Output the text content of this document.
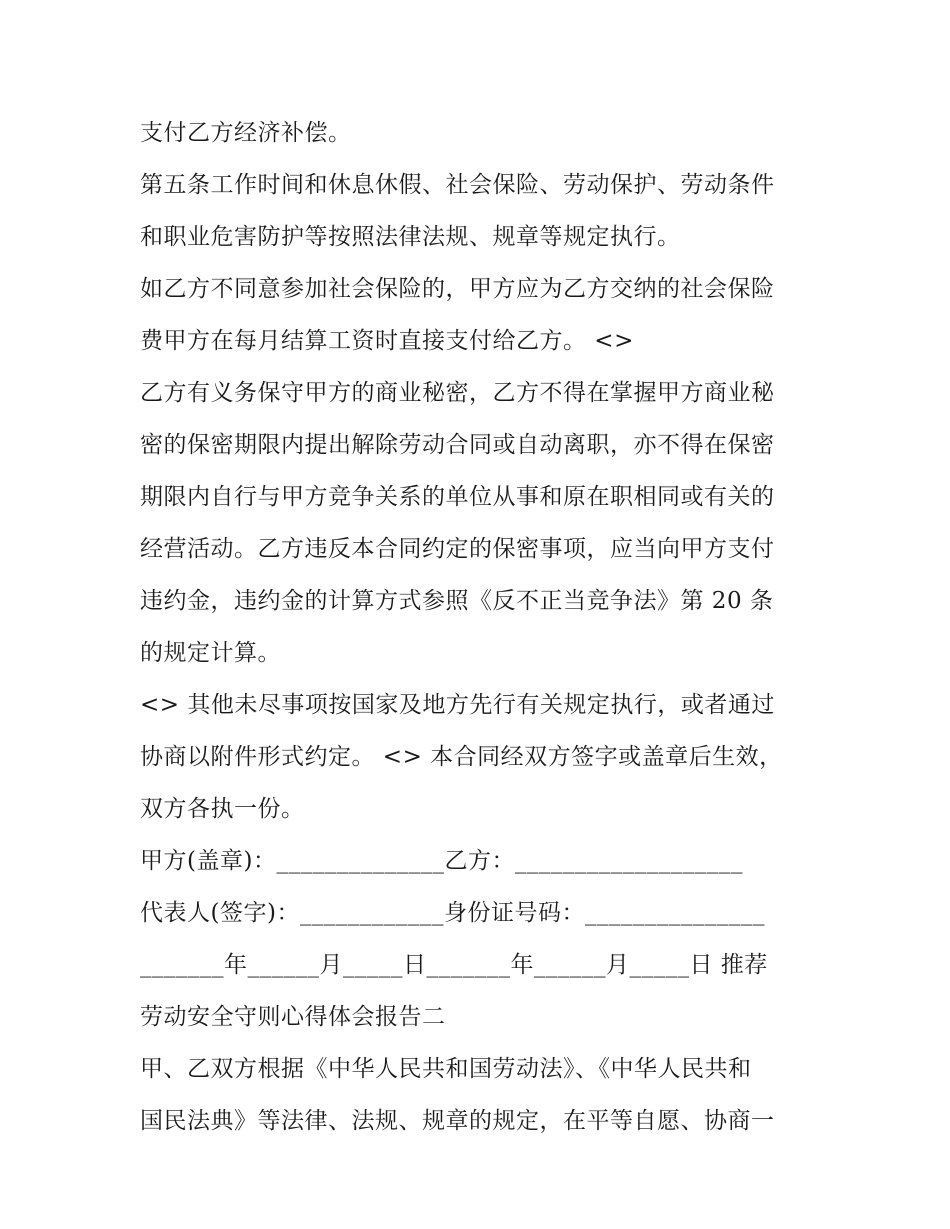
支付乙方经济补偿。
第五条工作时间和休息休假、社会保险、劳动保护、劳动条件
和职业危害防护等按照法律法规、规章等规定执行。
如乙方不同意参加社会保险的，甲方应为乙方交纳的社会保险
费甲方在每月结算工资时直接支付给乙方。 <>
乙方有义务保守甲方的商业秘密，乙方不得在掌握甲方商业秘
密的保密期限内提出解除劳动合同或自动离职，亦不得在保密
期限内自行与甲方竞争关系的单位从事和原在职相同或有关的
经营活动。乙方违反本合同约定的保密事项，应当向甲方支付
违约金，违约金的计算方式参照《反不正当竞争法》第 20 条
的规定计算。
<> 其他未尽事项按国家及地方先行有关规定执行，或者通过
协商以附件形式约定。 <> 本合同经双方签字或盖章后生效，
双方各执一份。
甲方(盖章)：______________乙方：___________________
代表人(签字)：____________身份证号码：_______________
_______年______月_____日_______年______月_____日 推荐
劳动安全守则心得体会报告二
甲、乙双方根据《中华人民共和国劳动法》、《中华人民共和
国民法典》等法律、法规、规章的规定，在平等自愿、协商一
